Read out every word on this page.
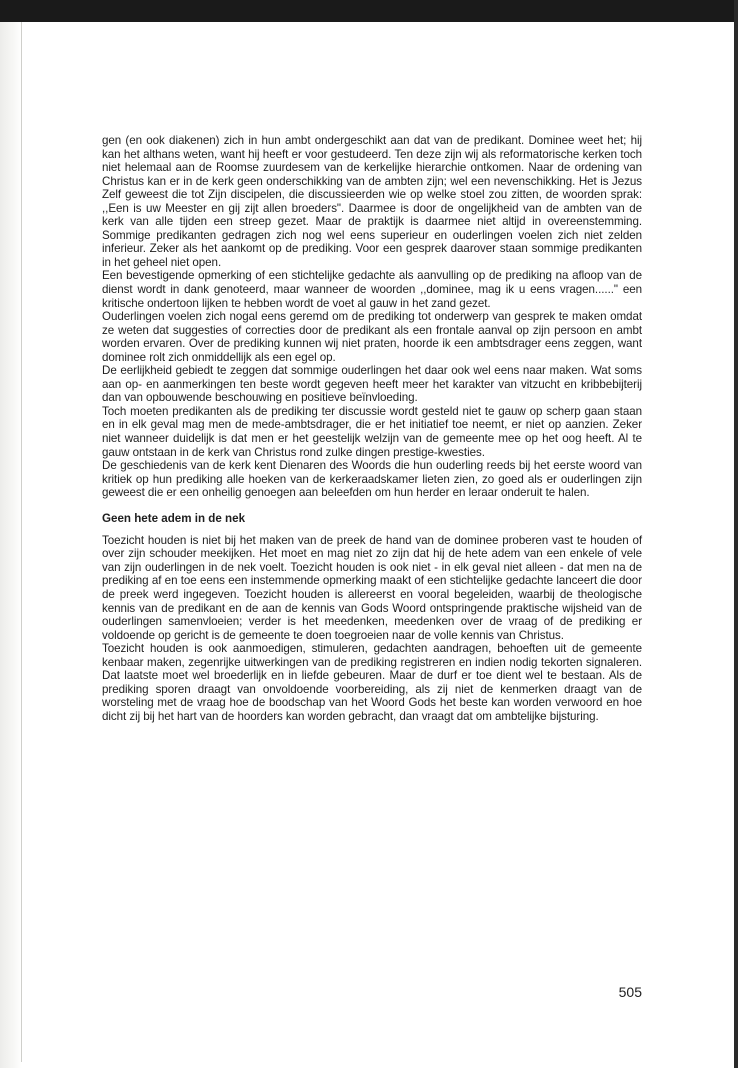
gen (en ook diakenen) zich in hun ambt ondergeschikt aan dat van de predikant. Dominee weet het; hij kan het althans weten, want hij heeft er voor gestudeerd. Ten deze zijn wij als reformatorische kerken toch niet helemaal aan de Roomse zuurdesem van de kerkelijke hierarchie ontkomen. Naar de ordening van Christus kan er in de kerk geen onderschikking van de ambten zijn; wel een nevenschikking. Het is Jezus Zelf geweest die tot Zijn discipelen, die discussieerden wie op welke stoel zou zitten, de woorden sprak: ,,Een is uw Meester en gij zijt allen broeders". Daarmee is door de ongelijkheid van de ambten van de kerk van alle tijden een streep gezet. Maar de praktijk is daarmee niet altijd in overeenstemming. Sommige predikanten gedragen zich nog wel eens superieur en ouderlingen voelen zich niet zelden inferieur. Zeker als het aankomt op de prediking. Voor een gesprek daarover staan sommige predikanten in het geheel niet open.

Een bevestigende opmerking of een stichtelijke gedachte als aanvulling op de prediking na afloop van de dienst wordt in dank genoteerd, maar wanneer de woorden ,,dominee, mag ik u eens vragen......" een kritische ondertoon lijken te hebben wordt de voet al gauw in het zand gezet.

Ouderlingen voelen zich nogal eens geremd om de prediking tot onderwerp van gesprek te maken omdat ze weten dat suggesties of correcties door de predikant als een frontale aanval op zijn persoon en ambt worden ervaren. Over de prediking kunnen wij niet praten, hoorde ik een ambtsdrager eens zeggen, want dominee rolt zich onmiddellijk als een egel op.

De eerlijkheid gebiedt te zeggen dat sommige ouderlingen het daar ook wel eens naar maken. Wat soms aan op- en aanmerkingen ten beste wordt gegeven heeft meer het karakter van vitzucht en kribbebijterij dan van opbouwende beschouwing en positieve beïnvloeding.

Toch moeten predikanten als de prediking ter discussie wordt gesteld niet te gauw op scherp gaan staan en in elk geval mag men de mede-ambtsdrager, die er het initiatief toe neemt, er niet op aanzien. Zeker niet wanneer duidelijk is dat men er het geestelijk welzijn van de gemeente mee op het oog heeft. Al te gauw ontstaan in de kerk van Christus rond zulke dingen prestige-kwesties.

De geschiedenis van de kerk kent Dienaren des Woords die hun ouderling reeds bij het eerste woord van kritiek op hun prediking alle hoeken van de kerkeraadskamer lieten zien, zo goed als er ouderlingen zijn geweest die er een onheilig genoegen aan beleefden om hun herder en leraar onderuit te halen.

Geen hete adem in de nek

Toezicht houden is niet bij het maken van de preek de hand van de dominee proberen vast te houden of over zijn schouder meekijken. Het moet en mag niet zo zijn dat hij de hete adem van een enkele of vele van zijn ouderlingen in de nek voelt. Toezicht houden is ook niet - in elk geval niet alleen - dat men na de prediking af en toe eens een instemmende opmerking maakt of een stichtelijke gedachte lanceert die door de preek werd ingegeven. Toezicht houden is allereerst en vooral begeleiden, waarbij de theologische kennis van de predikant en de aan de kennis van Gods Woord ontspringende praktische wijsheid van de ouderlingen samenvloeien; verder is het meedenken, meedenken over de vraag of de prediking er voldoende op gericht is de gemeente te doen toegroeien naar de volle kennis van Christus.

Toezicht houden is ook aanmoedigen, stimuleren, gedachten aandragen, behoeften uit de gemeente kenbaar maken, zegenrijke uitwerkingen van de prediking registreren en indien nodig tekorten signaleren. Dat laatste moet wel broederlijk en in liefde gebeuren. Maar de durf er toe dient wel te bestaan. Als de prediking sporen draagt van onvoldoende voorbereiding, als zij niet de kenmerken draagt van de worsteling met de vraag hoe de boodschap van het Woord Gods het beste kan worden verwoord en hoe dicht zij bij het hart van de hoorders kan worden gebracht, dan vraagt dat om ambtelijke bijsturing.

505
